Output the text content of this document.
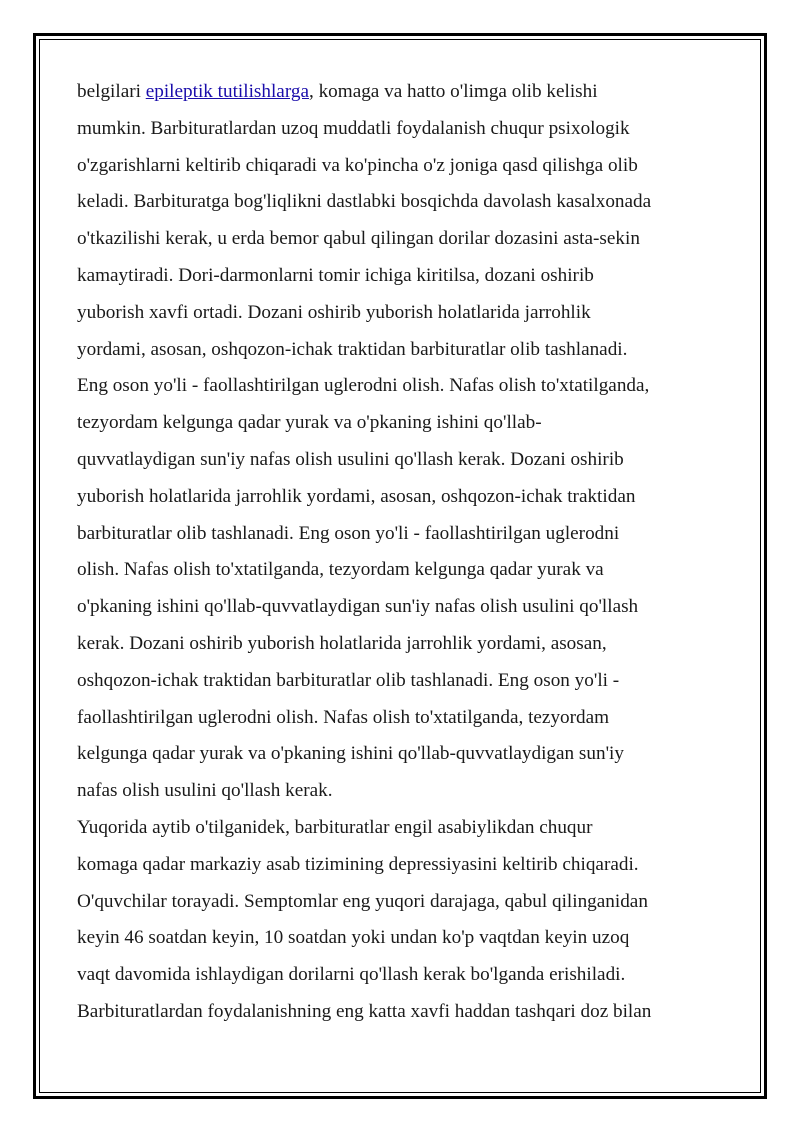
belgilari epileptik tutilishlarga, komaga va hatto o'limga olib kelishi
mumkin. Barbituratlardan uzoq muddatli foydalanish chuqur psixologik
o'zgarishlarni keltirib chiqaradi va ko'pincha o'z joniga qasd qilishga olib
keladi. Barbituratga bog'liqlikni dastlabki bosqichda davolash kasalxonada
o'tkazilishi kerak, u erda bemor qabul qilingan dorilar dozasini asta-sekin
kamaytiradi. Dori-darmonlarni tomir ichiga kiritilsa, dozani oshirib
yuborish xavfi ortadi. Dozani oshirib yuborish holatlarida jarrohlik
yordami, asosan, oshqozon-ichak traktidan barbituratlar olib tashlanadi.
Eng oson yo'li - faollashtirilgan uglerodni olish. Nafas olish to'xtatilganda,
tezyordam kelgunga qadar yurak va o'pkaning ishini qo'llab-
quvvatlaydigan sun'iy nafas olish usulini qo'llash kerak. Dozani oshirib
yuborish holatlarida jarrohlik yordami, asosan, oshqozon-ichak traktidan
barbituratlar olib tashlanadi. Eng oson yo'li - faollashtirilgan uglerodni
olish. Nafas olish to'xtatilganda, tezyordam kelgunga qadar yurak va
o'pkaning ishini qo'llab-quvvatlaydigan sun'iy nafas olish usulini qo'llash
kerak. Dozani oshirib yuborish holatlarida jarrohlik yordami, asosan,
oshqozon-ichak traktidan barbituratlar olib tashlanadi. Eng oson yo'li -
faollashtirilgan uglerodni olish. Nafas olish to'xtatilganda, tezyordam
kelgunga qadar yurak va o'pkaning ishini qo'llab-quvvatlaydigan sun'iy
nafas olish usulini qo'llash kerak.
Yuqorida aytib o'tilganidek, barbituratlar engil asabiylikdan chuqur
komaga qadar markaziy asab tizimining depressiyasini keltirib chiqaradi.
O'quvchilar torayadi. Semptomlar eng yuqori darajaga, qabul qilinganidan
keyin 46 soatdan keyin, 10 soatdan yoki undan ko'p vaqtdan keyin uzoq
vaqt davomida ishlaydigan dorilarni qo'llash kerak bo'lganda erishiladi.
Barbituratlardan foydalanishning eng katta xavfi haddan tashqari doz bilan
